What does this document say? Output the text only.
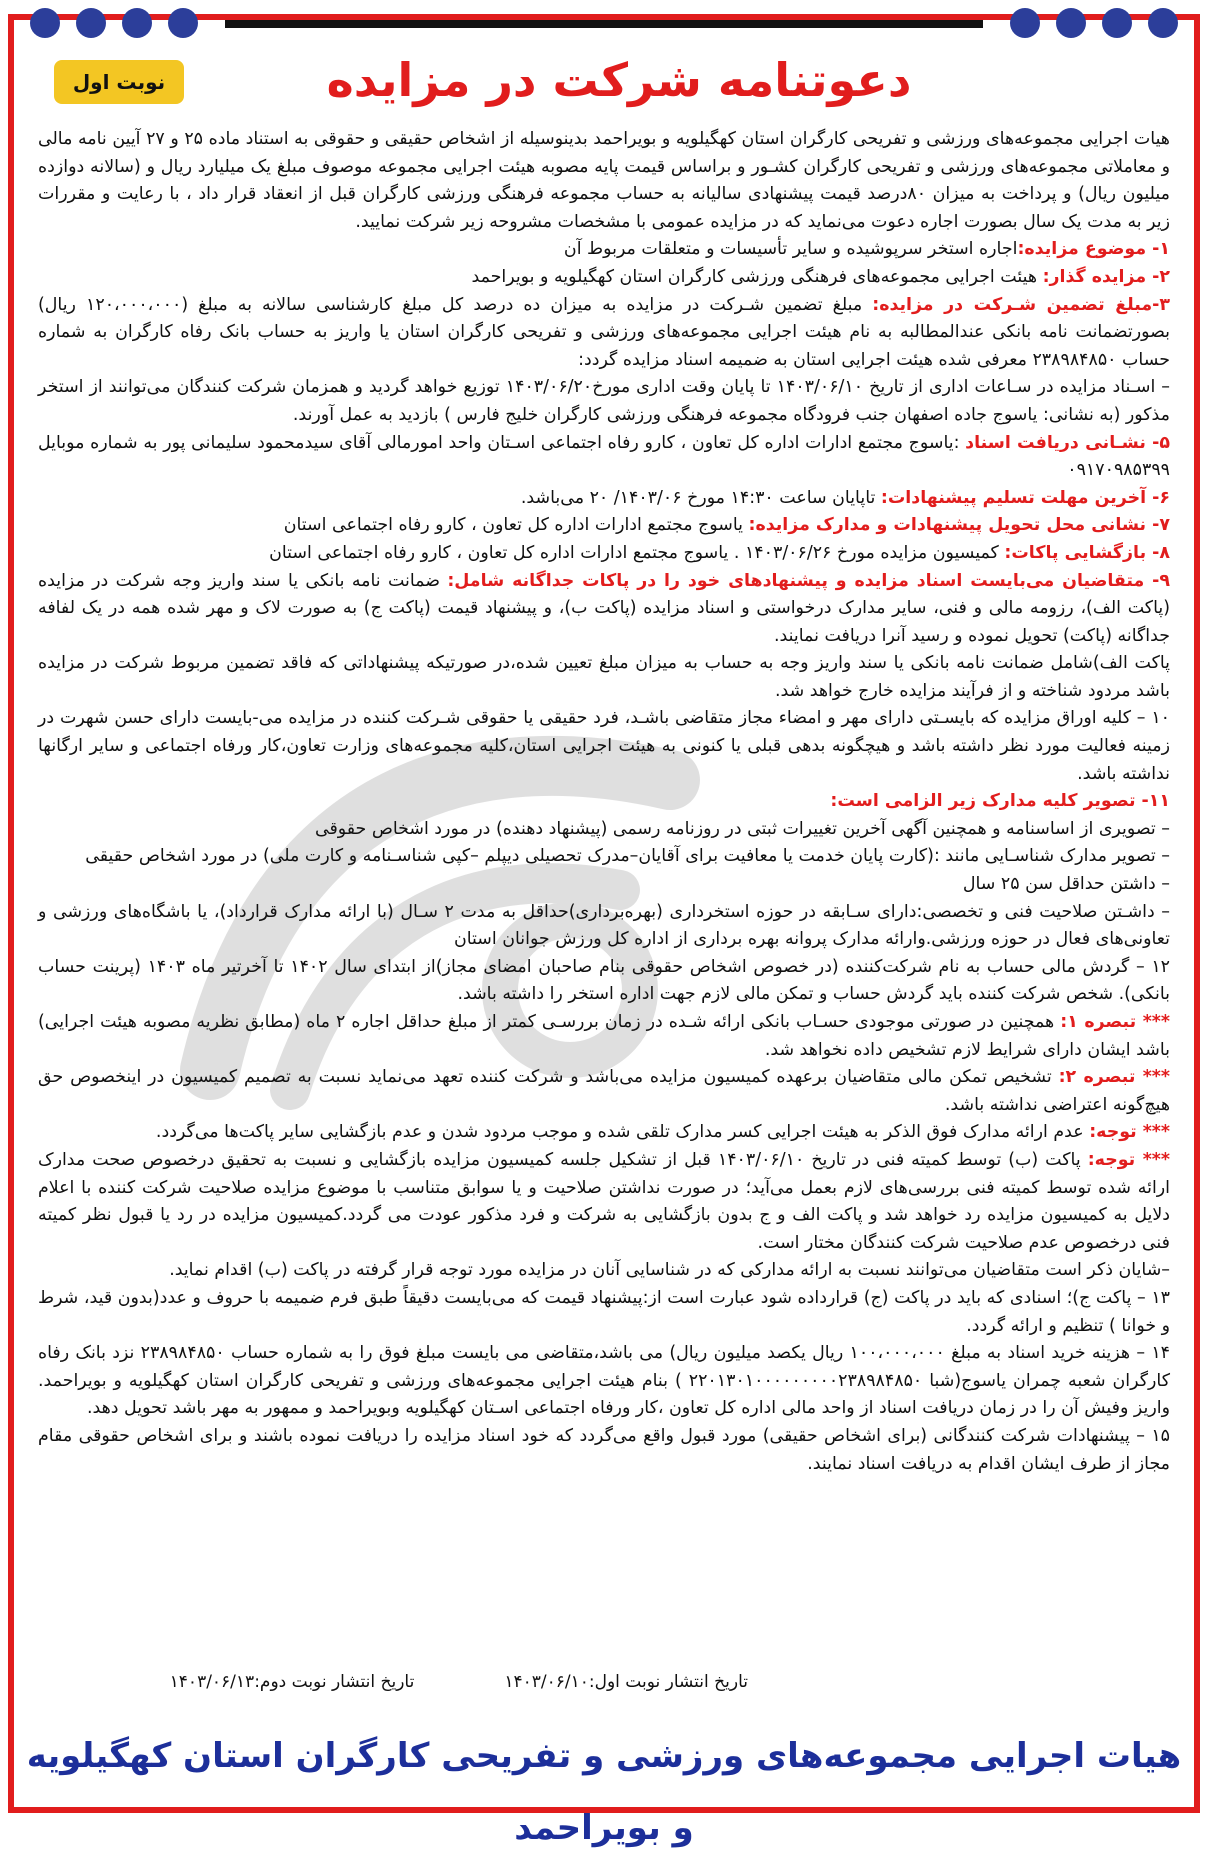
نوبت اول	دعوتنامه شرکت در مزایده

هیات اجرایی مجموعه‌های ورزشی و تفریحی کارگران استان کهگیلویه و بویراحمد بدینوسیله از اشخاص حقیقی و حقوقی به استناد ماده ۲۵ و ۲۷ آیین نامه مالی و معاملاتی مجموعه‌های ورزشی و تفریحی کارگران کشـور و براساس قیمت پایه مصوبه هیئت اجرایی مجموعه موصوف مبلغ یک میلیارد ریال و (سالانه دوازده میلیون ریال) و پرداخت به میزان ۸۰درصد قیمت پیشنهادی سالیانه به حساب مجموعه فرهنگی ورزشی کارگران قبل از انعقاد قرار داد ، با رعایت و مقررات زیر به مدت یک سال بصورت اجاره دعوت می‌نماید که در مزایده عمومی با مشخصات مشروحه زیر شرکت نمایید.

۱- موضوع مزایده:اجاره استخر سرپوشیده و سایر تأسیسات و متعلقات مربوط آن

۲- مزایده گذار: هیئت اجرایی مجموعه‌های فرهنگی ورزشی کارگران استان کهگیلویه و بویراحمد

۳-مبلغ تضمین شـرکت در مزایده: مبلغ تضمین شـرکت در مزایده به میزان ده درصد کل مبلغ کارشناسی سالانه به مبلغ (۱۲۰،۰۰۰،۰۰۰ ریال) بصورتضمانت نامه بانکی عندالمطالبه به نام هیئت اجرایی مجموعه‌های ورزشی و تفریحی کارگران استان یا واریز به حساب بانک رفاه کارگران به شماره حساب ۲۳۸۹۸۴۸۵۰ معرفی شده هیئت اجرایی استان به ضمیمه اسناد مزایده گردد:

– اسـناد مزایده در سـاعات اداری از تاریخ ۱۴۰۳/۰۶/۱۰ تا پایان وقت اداری مورخ۱۴۰۳/۰۶/۲۰ توزیع خواهد گردید و همزمان شرکت کنندگان می‌توانند از استخر مذکور (به نشانی: یاسوج جاده اصفهان جنب فرودگاه مجموعه فرهنگی ورزشی کارگران خلیج فارس ) بازدید به عمل آورند.

۵- نشـانی دریافت اسناد :یاسوج مجتمع ادارات اداره کل تعاون ، کارو رفاه اجتماعی اسـتان واحد امورمالی آقای سیدمحمود سلیمانی پور به شماره موبایل ۰۹۱۷۰۹۸۵۳۹۹

۶- آخرین مهلت تسلیم پیشنهادات: تاپایان ساعت ۱۴:۳۰ مورخ ۱۴۰۳/۰۶/ ۲۰ می‌باشد.

۷- نشانی محل تحویل پیشنهادات و مدارک مزایده: یاسوج مجتمع ادارات اداره کل تعاون ، کارو رفاه اجتماعی استان

۸- بازگشایی پاکات: کمیسیون مزایده مورخ ۱۴۰۳/۰۶/۲۶ . یاسوج مجتمع ادارات اداره کل تعاون ، کارو رفاه اجتماعی استان

۹- متقاضیان می‌بایست اسناد مزایده و پیشنهادهای خود را در پاکات جداگانه شامل: ضمانت نامه بانکی یا سند واریز وجه شرکت در مزایده (پاکت الف)، رزومه مالی و فنی، سایر مدارک درخواستی و اسناد مزایده (پاکت ب)، و پیشنهاد قیمت (پاکت ج) به صورت لاک و مهر شده همه در یک لفافه جداگانه (پاکت) تحویل نموده و رسید آنرا دریافت نمایند.

پاکت الف)شامل ضمانت نامه بانکی یا سند واریز وجه به حساب به میزان مبلغ تعیین شده،در صورتیکه پیشنهاداتی که فاقد تضمین مربوط شرکت در مزایده باشد مردود شناخته و از فرآیند مزایده خارج خواهد شد.

۱۰ – کلیه اوراق مزایده که بایسـتی دارای مهر و امضاء مجاز متقاضی باشـد، فرد حقیقی یا حقوقی شـرکت کننده در مزایده می-بایست دارای حسن شهرت در زمینه فعالیت مورد نظر داشته باشد و هیچگونه بدهی قبلی یا کنونی به هیئت اجرایی استان،کلیه مجموعه‌های وزارت تعاون،کار ورفاه اجتماعی و سایر ارگانها نداشته باشد.

۱۱- تصویر کلیه مدارک زیر الزامی است:

– تصویری از اساسنامه و همچنین آگهی آخرین تغییرات ثبتی در روزنامه رسمی (پیشنهاد دهنده) در مورد اشخاص حقوقی

– تصویر مدارک شناسـایی مانند :(کارت پایان خدمت یا معافیت برای آقایان–مدرک تحصیلی دیپلم –کپی شناسـنامه و کارت ملی) در مورد اشخاص حقیقی

– داشتن حداقل سن ۲۵ سال

– داشـتن صلاحیت فنی و تخصصی:دارای سـابقه در حوزه استخرداری (بهره‌برداری)حداقل به مدت ۲ سـال (با ارائه مدارک قرارداد)، یا باشگاه‌های ورزشی و تعاونی‌های فعال در حوزه ورزشی.وارائه مدارک پروانه بهره برداری از اداره کل ورزش جوانان استان

۱۲ – گردش مالی حساب به نام شرکت‌کننده (در خصوص اشخاص حقوقی بنام صاحبان امضای مجاز)از ابتدای سال ۱۴۰۲ تا آخرتیر ماه ۱۴۰۳ (پرینت حساب بانکی). شخص شرکت کننده باید گردش حساب و تمکن مالی لازم جهت اداره استخر را داشته باشد.

*** تبصره ۱: همچنین در صورتی موجودی حسـاب بانکی ارائه شـده در زمان بررسـی کمتر از مبلغ حداقل اجاره ۲ ماه (مطابق نظریه مصوبه هیئت اجرایی) باشد ایشان دارای شرایط لازم تشخیص داده نخواهد شد.

*** تبصره ۲: تشخیص تمکن مالی متقاضیان برعهده کمیسیون مزایده می‌باشد و شرکت کننده تعهد می‌نماید نسبت به تصمیم کمیسیون در اینخصوص حق هیچ‌گونه اعتراضی نداشته باشد.

*** توجه: عدم ارائه مدارک فوق الذکر به هیئت اجرایی کسر مدارک تلقی شده و موجب مردود شدن و عدم بازگشایی سایر پاکت‌ها می‌گردد.

*** توجه: پاکت (ب) توسط کمیته فنی در تاریخ ۱۴۰۳/۰۶/۱۰ قبل از تشکیل جلسه کمیسیون مزایده بازگشایی و نسبت به تحقیق درخصوص صحت مدارک ارائه شده توسط کمیته فنی بررسی‌های لازم بعمل می‌آید؛ در صورت نداشتن صلاحیت و یا سوابق متناسب با موضوع مزایده صلاحیت شرکت کننده با اعلام دلایل به کمیسیون مزایده رد خواهد شد و پاکت الف و ج بدون بازگشایی به شرکت و فرد مذکور عودت می گردد.کمیسیون مزایده در رد یا قبول نظر کمیته فنی درخصوص عدم صلاحیت شرکت کنندگان مختار است.

–شایان ذکر است متقاضیان می‌توانند نسبت به ارائه مدارکی که در شناسایی آنان در مزایده مورد توجه قرار گرفته در پاکت (ب) اقدام نماید.

۱۳ – پاکت ج)؛ اسنادی که باید در پاکت (ج) قرارداده شود عبارت است از:پیشنهاد قیمت که می‌بایست دقیقاً طبق فرم ضمیمه با حروف و عدد(بدون قید، شرط و خوانا ) تنظیم و ارائه گردد.

۱۴ – هزینه خرید اسناد به مبلغ ۱۰۰،۰۰۰،۰۰۰ ریال یکصد میلیون ریال) می باشد،متقاضی می بایست مبلغ فوق را به شماره حساب ۲۳۸۹۸۴۸۵۰ نزد بانک رفاه کارگران شعبه چمران یاسوج(شبا ۲۲۰۱۳۰۱۰۰۰۰۰۰۰۰۰۲۳۸۹۸۴۸۵۰ ) بنام هیئت اجرایی مجموعه‌های ورزشی و تفریحی کارگران استان کهگیلویه و بویراحمد. واریز وفیش آن را در زمان دریافت اسناد از واحد مالی اداره کل تعاون ،کار ورفاه اجتماعی اسـتان کهگیلویه وبویراحمد و ممهور به مهر باشد تحویل دهد.

۱۵ – پیشنهادات شرکت کنندگانی (برای اشخاص حقیقی) مورد قبول واقع می‌گردد که خود اسناد مزایده را دریافت نموده باشند و برای اشخاص حقوقی مقام مجاز از طرف ایشان اقدام به دریافت اسناد نمایند.

تاریخ انتشار نوبت اول:۱۴۰۳/۰۶/۱۰
تاریخ انتشار نوبت دوم:۱۴۰۳/۰۶/۱۳
هیات اجرایی مجموعه‌های ورزشی و تفریحی کارگران استان کهگیلویه و بویراحمد
